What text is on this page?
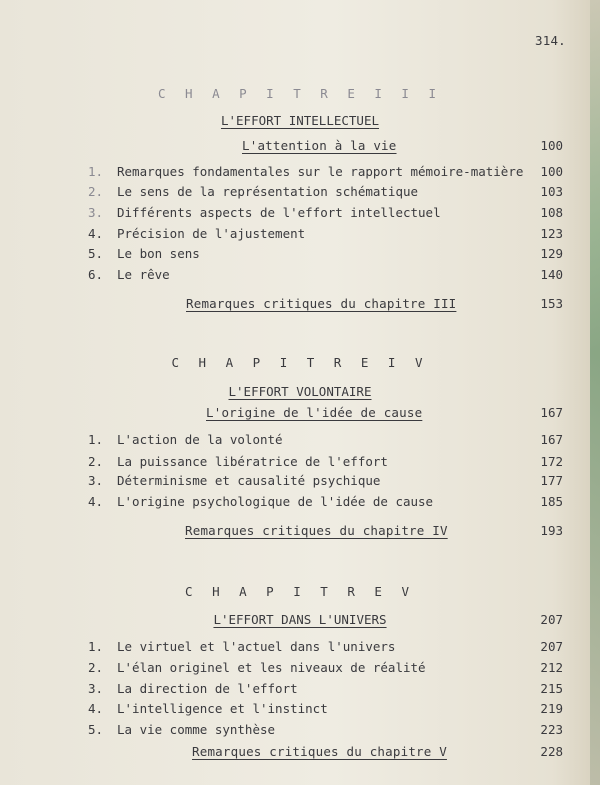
314.
C H A P I T R E I I I
L'EFFORT INTELLECTUEL
L'attention à la vie	100
1. Remarques fondamentales sur le rapport mémoire-matière 100
2. Le sens de la représentation schématique	103
3. Différents aspects de l'effort intellectuel	108
4. Précision de l'ajustement	123
5. Le bon sens	129
6. Le rêve	140
Remarques critiques du chapitre III	153
C H A P I T R E I V
L'EFFORT VOLONTAIRE
L'origine de l'idée de cause	167
1. L'action de la volonté	167
2. La puissance libératrice de l'effort	172
3. Déterminisme et causalité psychique	177
4. L'origine psychologique de l'idée de cause	185
Remarques critiques du chapitre IV	193
C H A P I T R E V
L'EFFORT DANS L'UNIVERS	207
1. Le virtuel et l'actuel dans l'univers	207
2. L'élan originel et les niveaux de réalité	212
3. La direction de l'effort	215
4. L'intelligence et l'instinct	219
5. La vie comme synthèse	223
Remarques critiques du chapitre V	228
